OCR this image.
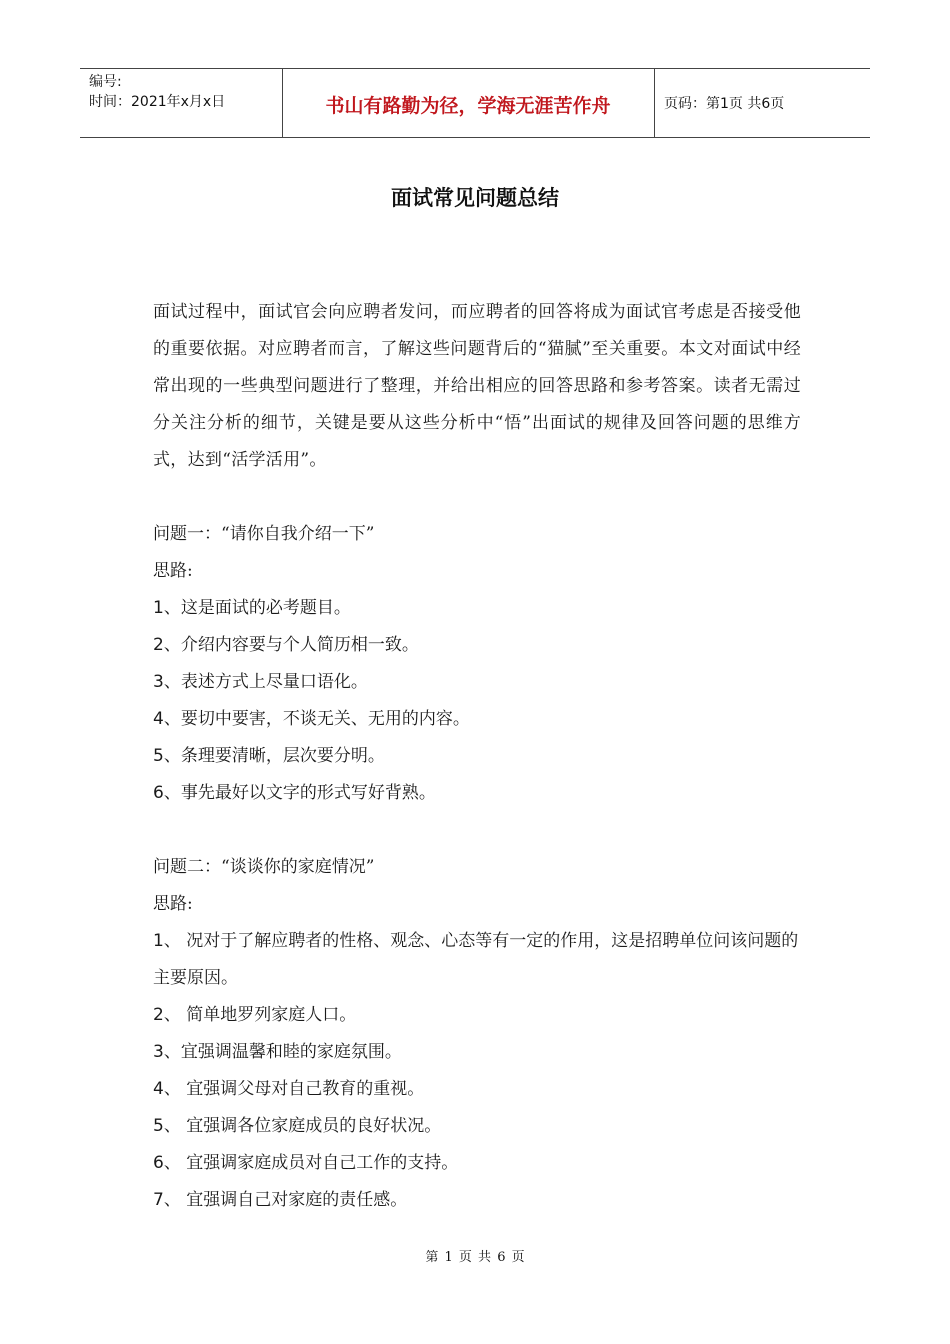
编号:
时间：2021年x月x日	书山有路勤为径，学海无涯苦作舟	页码：第1页 共6页
面试常见问题总结

面试过程中，面试官会向应聘者发问，而应聘者的回答将成为面试官考虑是否接受他的重要依据。对应聘者而言，了解这些问题背后的“猫腻”至关重要。本文对面试中经常出现的一些典型问题进行了整理，并给出相应的回答思路和参考答案。读者无需过分关注分析的细节，关键是要从这些分析中“悟”出面试的规律及回答问题的思维方式，达到“活学活用”。

问题一：“请你自我介绍一下”

思路:

1、这是面试的必考题目。

2、介绍内容要与个人简历相一致。

3、表述方式上尽量口语化。

4、要切中要害，不谈无关、无用的内容。

5、条理要清晰，层次要分明。

6、事先最好以文字的形式写好背熟。

问题二：“谈谈你的家庭情况”

思路:

1、 况对于了解应聘者的性格、观念、心态等有一定的作用，这是招聘单位问该问题的主要原因。

2、 简单地罗列家庭人口。

3、宜强调温馨和睦的家庭氛围。

4、 宜强调父母对自己教育的重视。

5、 宜强调各位家庭成员的良好状况。

6、 宜强调家庭成员对自己工作的支持。

7、 宜强调自己对家庭的责任感。

第 1 页 共 6 页
